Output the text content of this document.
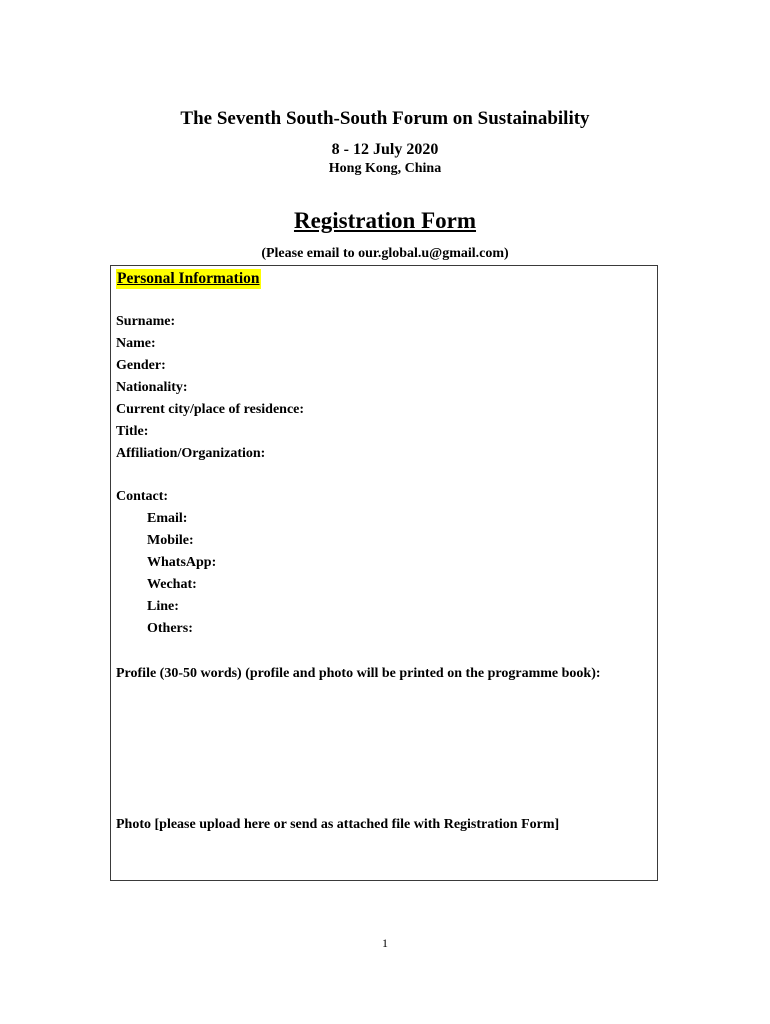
The Seventh South-South Forum on Sustainability
8 - 12 July 2020
Hong Kong, China
Registration Form
(Please email to our.global.u@gmail.com)
Personal Information
Surname:
Name:
Gender:
Nationality:
Current city/place of residence:
Title:
Affiliation/Organization:
Contact:
Email:
Mobile:
WhatsApp:
Wechat:
Line:
Others:
Profile (30-50 words) (profile and photo will be printed on the programme book):
Photo [please upload here or send as attached file with Registration Form]
1
